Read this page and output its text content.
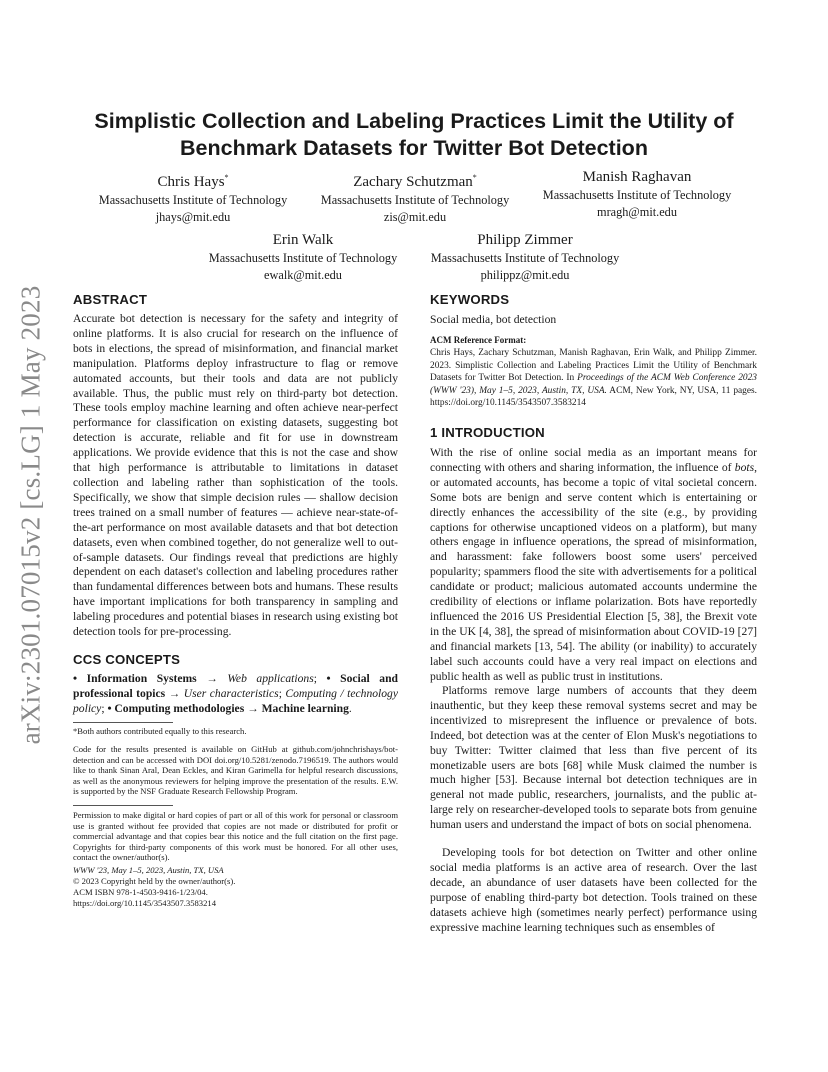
arXiv:2301.07015v2 [cs.LG] 1 May 2023
Simplistic Collection and Labeling Practices Limit the Utility of Benchmark Datasets for Twitter Bot Detection
Chris Hays*
Massachusetts Institute of Technology
jhays@mit.edu
Zachary Schutzman*
Massachusetts Institute of Technology
zis@mit.edu
Manish Raghavan
Massachusetts Institute of Technology
mragh@mit.edu
Erin Walk
Massachusetts Institute of Technology
ewalk@mit.edu
Philipp Zimmer
Massachusetts Institute of Technology
philippz@mit.edu
ABSTRACT
Accurate bot detection is necessary for the safety and integrity of online platforms. It is also crucial for research on the influence of bots in elections, the spread of misinformation, and financial market manipulation. Platforms deploy infrastructure to flag or remove automated accounts, but their tools and data are not publicly available. Thus, the public must rely on third-party bot detection. These tools employ machine learning and often achieve near-perfect performance for classification on existing datasets, suggesting bot detection is accurate, reliable and fit for use in downstream applications. We provide evidence that this is not the case and show that high performance is attributable to limitations in dataset collection and labeling rather than sophistication of the tools. Specifically, we show that simple decision rules — shallow decision trees trained on a small number of features — achieve near-state-of-the-art performance on most available datasets and that bot detection datasets, even when combined together, do not generalize well to out-of-sample datasets. Our findings reveal that predictions are highly dependent on each dataset's collection and labeling procedures rather than fundamental differences between bots and humans. These results have important implications for both transparency in sampling and labeling procedures and potential biases in research using existing bot detection tools for pre-processing.
CCS CONCEPTS
• Information Systems → Web applications; • Social and professional topics → User characteristics; Computing / technology policy; • Computing methodologies → Machine learning.
*Both authors contributed equally to this research.
Code for the results presented is available on GitHub at github.com/johnchrishays/bot-detection and can be accessed with DOI doi.org/10.5281/zenodo.7196519. The authors would like to thank Sinan Aral, Dean Eckles, and Kiran Garimella for helpful research discussions, as well as the anonymous reviewers for helping improve the presentation of the results. E.W. is supported by the NSF Graduate Research Fellowship Program.
Permission to make digital or hard copies of part or all of this work for personal or classroom use is granted without fee provided that copies are not made or distributed for profit or commercial advantage and that copies bear this notice and the full citation on the first page. Copyrights for third-party components of this work must be honored. For all other uses, contact the owner/author(s).
WWW '23, May 1–5, 2023, Austin, TX, USA
© 2023 Copyright held by the owner/author(s).
ACM ISBN 978-1-4503-9416-1/23/04.
https://doi.org/10.1145/3543507.3583214
KEYWORDS
Social media, bot detection
ACM Reference Format:
Chris Hays, Zachary Schutzman, Manish Raghavan, Erin Walk, and Philipp Zimmer. 2023. Simplistic Collection and Labeling Practices Limit the Utility of Benchmark Datasets for Twitter Bot Detection. In Proceedings of the ACM Web Conference 2023 (WWW '23), May 1–5, 2023, Austin, TX, USA. ACM, New York, NY, USA, 11 pages. https://doi.org/10.1145/3543507.3583214
1 INTRODUCTION
With the rise of online social media as an important means for connecting with others and sharing information, the influence of bots, or automated accounts, has become a topic of vital societal concern. Some bots are benign and serve content which is entertaining or directly enhances the accessibility of the site (e.g., by providing captions for otherwise uncaptioned videos on a platform), but many others engage in influence operations, the spread of misinformation, and harassment: fake followers boost some users' perceived popularity; spammers flood the site with advertisements for a political candidate or product; malicious automated accounts undermine the credibility of elections or inflame polarization. Bots have reportedly influenced the 2016 US Presidential Election [5, 38], the Brexit vote in the UK [4, 38], the spread of misinformation about COVID-19 [27] and financial markets [13, 54]. The ability (or inability) to accurately label such accounts could have a very real impact on elections and public health as well as public trust in institutions.
Platforms remove large numbers of accounts that they deem inauthentic, but they keep these removal systems secret and may be incentivized to misrepresent the influence or prevalence of bots. Indeed, bot detection was at the center of Elon Musk's negotiations to buy Twitter: Twitter claimed that less than five percent of its monetizable users are bots [68] while Musk claimed the number is much higher [53]. Because internal bot detection techniques are in general not made public, researchers, journalists, and the public at-large rely on researcher-developed tools to separate bots from genuine human users and understand the impact of bots on social phenomena.
Developing tools for bot detection on Twitter and other online social media platforms is an active area of research. Over the last decade, an abundance of user datasets have been collected for the purpose of enabling third-party bot detection. Tools trained on these datasets achieve high (sometimes nearly perfect) performance using expressive machine learning techniques such as ensembles of
